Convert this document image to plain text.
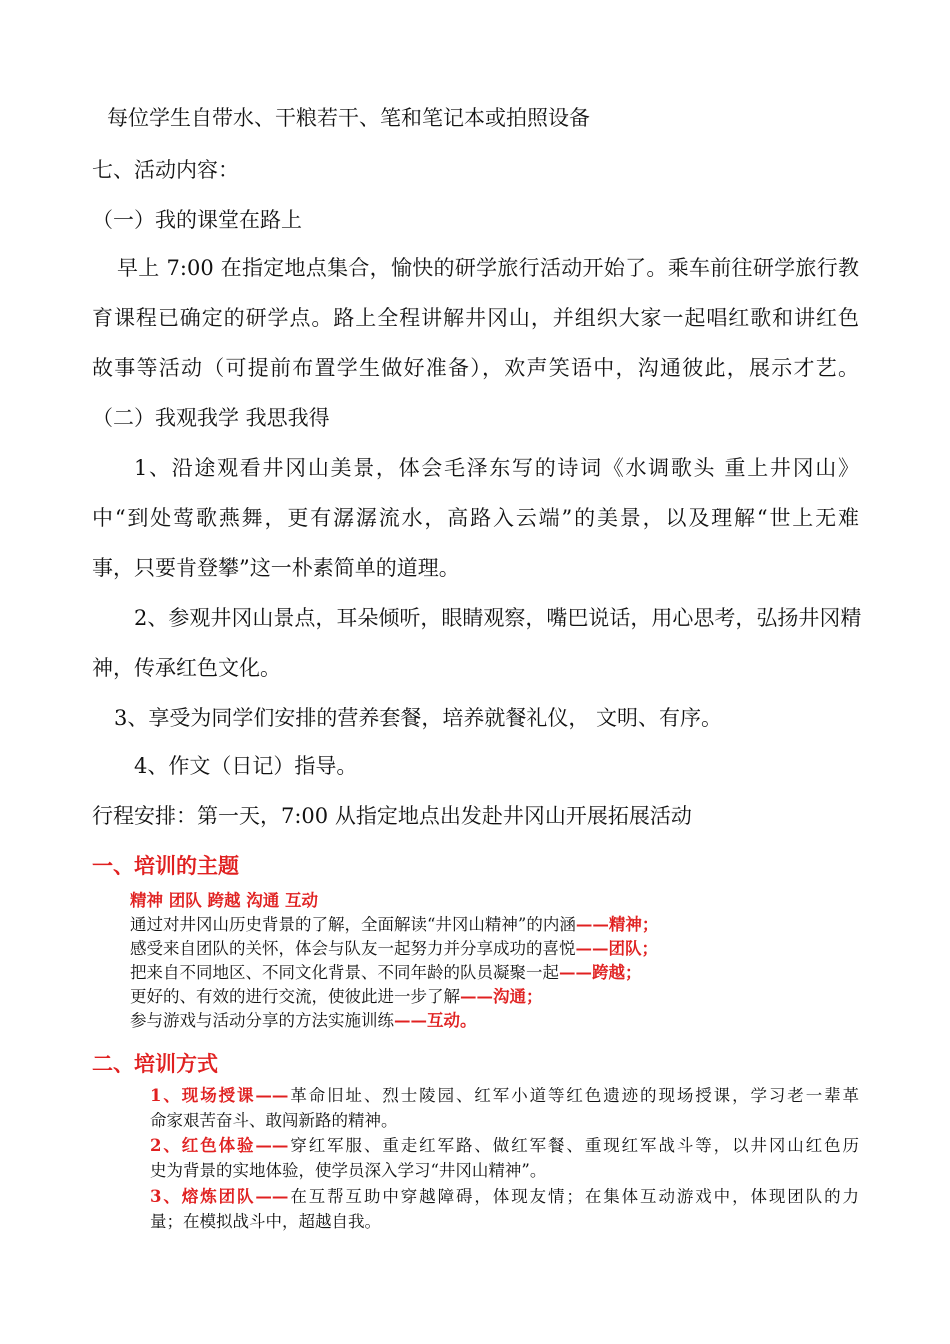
每位学生自带水、干粮若干、笔和笔记本或拍照设备
七、活动内容：
（一）我的课堂在路上
早上 7:00 在指定地点集合，愉快的研学旅行活动开始了。乘车前往研学旅行教
育课程已确定的研学点。路上全程讲解井冈山，并组织大家一起唱红歌和讲红色
故事等活动（可提前布置学生做好准备），欢声笑语中，沟通彼此，展示才艺。
（二）我观我学 我思我得
1、沿途观看井冈山美景，体会毛泽东写的诗词《水调歌头 重上井冈山》
中“到处莺歌燕舞，更有潺潺流水，高路入云端”的美景，以及理解“世上无难
事，只要肯登攀”这一朴素简单的道理。
2、参观井冈山景点，耳朵倾听，眼睛观察，嘴巴说话，用心思考，弘扬井冈精
神，传承红色文化。
3、享受为同学们安排的营养套餐，培养就餐礼仪， 文明、有序。
4、作文（日记）指导。
行程安排：第一天，7:00 从指定地点出发赴井冈山开展拓展活动
一、培训的主题
精神 团队 跨越 沟通 互动
通过对井冈山历史背景的了解，全面解读“井冈山精神”的内涵——精神；
感受来自团队的关怀，体会与队友一起努力并分享成功的喜悦——团队；
把来自不同地区、不同文化背景、不同年龄的队员凝聚一起——跨越；
更好的、有效的进行交流，使彼此进一步了解——沟通；
参与游戏与活动分享的方法实施训练——互动。
二、培训方式
1、现场授课——革命旧址、烈士陵园、红军小道等红色遗迹的现场授课，学习老一辈革
命家艰苦奋斗、敢闯新路的精神。
2、红色体验——穿红军服、重走红军路、做红军餐、重现红军战斗等，以井冈山红色历
史为背景的实地体验，使学员深入学习“井冈山精神”。
3、熔炼团队——在互帮互助中穿越障碍，体现友情；在集体互动游戏中，体现团队的力
量；在模拟战斗中，超越自我。
